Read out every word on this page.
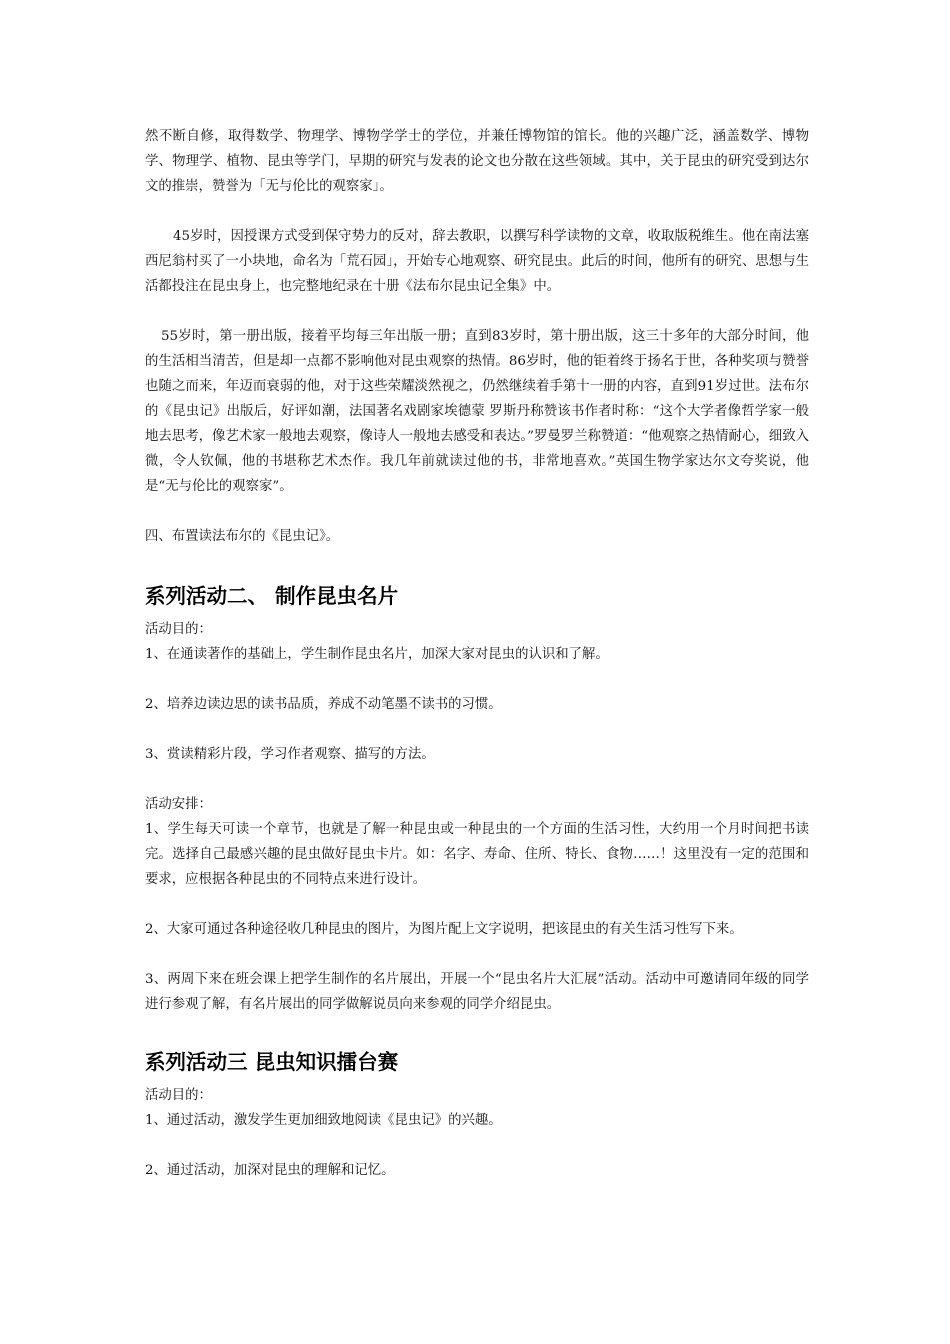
然不断自修，取得数学、物理学、博物学学士的学位，并兼任博物馆的馆长。他的兴趣广泛，涵盖数学、博物学、物理学、植物、昆虫等学门，早期的研究与发表的论文也分散在这些领域。其中，关于昆虫的研究受到达尔文的推崇，赞誉为「无与伦比的观察家」。

45岁时，因授课方式受到保守势力的反对，辞去教职，以撰写科学读物的文章，收取版税维生。他在南法塞西尼翁村买了一小块地，命名为「荒石园」，开始专心地观察、研究昆虫。此后的时间，他所有的研究、思想与生活都投注在昆虫身上，也完整地纪录在十册《法布尔昆虫记全集》中。

55岁时，第一册出版，接着平均每三年出版一册；直到83岁时，第十册出版，这三十多年的大部分时间，他的生活相当清苦，但是却一点都不影响他对昆虫观察的热情。86岁时，他的钜着终于扬名于世，各种奖项与赞誉也随之而来，年迈而衰弱的他，对于这些荣耀淡然视之，仍然继续着手第十一册的内容，直到91岁过世。法布尔的《昆虫记》出版后，好评如潮，法国著名戏剧家埃德蒙 罗斯丹称赞该书作者时称：“这个大学者像哲学家一般地去思考，像艺术家一般地去观察，像诗人一般地去感受和表达。”罗曼罗兰称赞道：“他观察之热情耐心，细致入微，令人钦佩，他的书堪称艺术杰作。我几年前就读过他的书，非常地喜欢。”英国生物学家达尔文夸奖说，他是“无与伦比的观察家”。

四、布置读法布尔的《昆虫记》。

系列活动二、 制作昆虫名片

活动目的：

1、在通读著作的基础上，学生制作昆虫名片，加深大家对昆虫的认识和了解。

2、培养边读边思的读书品质，养成不动笔墨不读书的习惯。

3、赏读精彩片段，学习作者观察、描写的方法。

活动安排：

1、学生每天可读一个章节，也就是了解一种昆虫或一种昆虫的一个方面的生活习性，大约用一个月时间把书读完。选择自己最感兴趣的昆虫做好昆虫卡片。如：名字、寿命、住所、特长、食物……！这里没有一定的范围和要求，应根据各种昆虫的不同特点来进行设计。

2、大家可通过各种途径收几种昆虫的图片，为图片配上文字说明，把该昆虫的有关生活习性写下来。

3、两周下来在班会课上把学生制作的名片展出，开展一个“昆虫名片大汇展”活动。活动中可邀请同年级的同学进行参观了解，有名片展出的同学做解说员向来参观的同学介绍昆虫。

系列活动三 昆虫知识擂台赛

活动目的：

1、通过活动，激发学生更加细致地阅读《昆虫记》的兴趣。

2、通过活动，加深对昆虫的理解和记忆。
